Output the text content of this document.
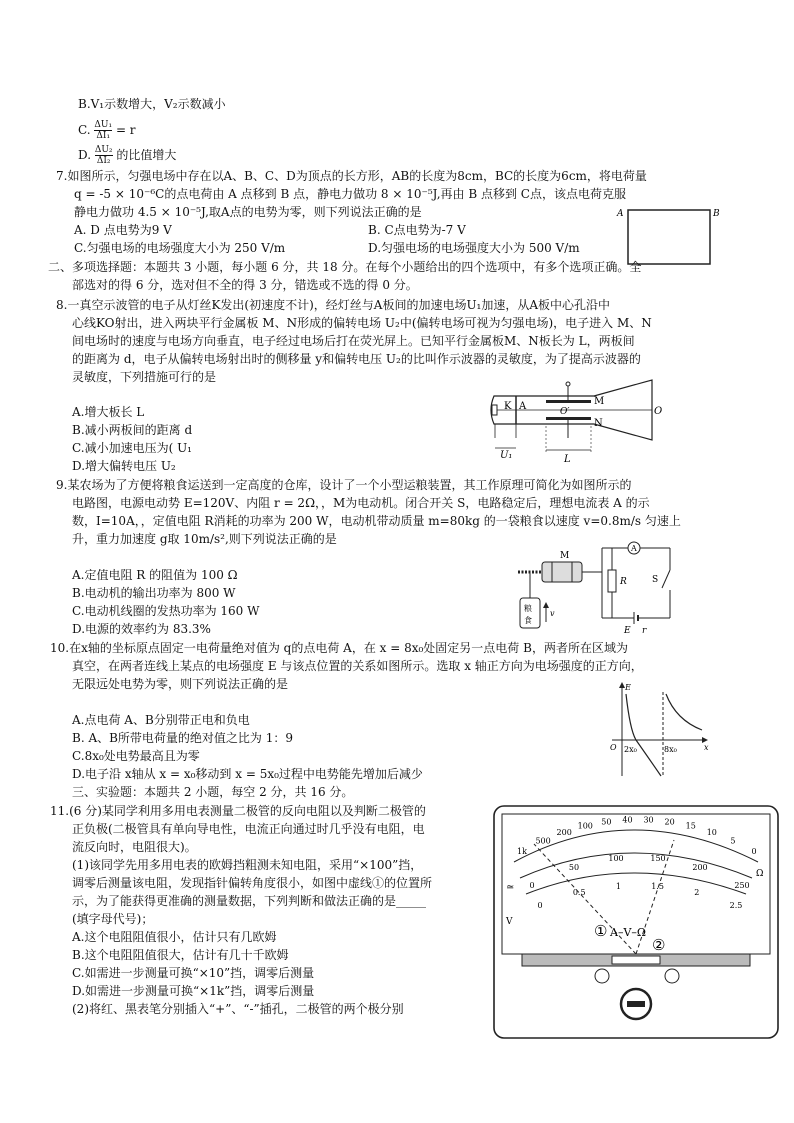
B.V₁示数增大，V₂示数减小
C. $\frac{\text{ΔU₁}}{\text{ΔI₁}} = r$
D. $\frac{\text{ΔU₂}}{\text{ΔI₂}}$ 的比值增大
7.如图所示，匀强电场中存在以A、B、C、D为顶点的长方形，AB的长度为8cm，BC的长度为6cm，将电荷量
q = -5 × 10⁻⁶C的点电荷由 A 点移到 B 点，静电力做功 8 × 10⁻⁵J,再由 B 点移到 C点，该点电荷克服
静电力做功 4.5 × 10⁻⁵J,取A点的电势为零，则下列说法正确的是
A. D 点电势为9 V	B. C点电势为-7 V
C.匀强电场的电场强度大小为 250 V/m	D.匀强电场的电场强度大小为 500 V/m
A	B
二、多项选择题：本题共 3 小题，每小题 6 分，共 18 分。在每个小题给出的四个选项中，有多个选项正确。全
部选对的得 6 分，选对但不全的得 3 分，错选或不选的得 0 分。
8.一真空示波管的电子从灯丝K发出(初速度不计)，经灯丝与A板间的加速电场U₁加速，从A板中心孔沿中
心线KO射出，进入两块平行金属板 M、N形成的偏转电场 U₂中(偏转电场可视为匀强电场)，电子进入 M、N
间电场时的速度与电场方向垂直，电子经过电场后打在荧光屏上。已知平行金属板M、N板长为 L，两板间
的距离为 d，电子从偏转电场射出时的侧移量 y和偏转电压 U₂的比叫作示波器的灵敏度，为了提高示波器的
灵敏度，下列措施可行的是
A.增大板长 L
B.减小两板间的距离 d
C.减小加速电压为( U₁
D.增大偏转电压 U₂
K A	O′
M
N
O
U₁	L
9.某农场为了方便将粮食运送到一定高度的仓库，设计了一个小型运粮装置，其工作原理可简化为如图所示的
电路图，电源电动势 E=120V、内阻 r = 2Ω，，M为电动机。闭合开关 S，电路稳定后，理想电流表 A 的示
数，I=10A，，定值电阻 R消耗的功率为 200 W，电动机带动质量 m=80kg 的一袋粮食以速度 v=0.8m/s 匀速上
升，重力加速度 g取 10m/s²,则下列说法正确的是
A.定值电阻 R 的阻值为 100 Ω
B.电动机的输出功率为 800 W
C.电动机线圈的发热功率为 160 W
D.电源的效率约为 83.3%
M
A
R	S
E r
粮
食
v
10.在x轴的坐标原点固定一电荷量绝对值为 q的点电荷 A，在 x = 8x₀处固定另一点电荷 B，两者所在区域为
真空，在两者连线上某点的电场强度 E 与该点位置的关系如图所示。选取 x 轴正方向为电场强度的正方向，
无限远处电势为零，则下列说法正确的是
A.点电荷 A、B分别带正电和负电
B. A、B所带电荷量的绝对值之比为 1：9
C.8x₀处电势最高且为零
D.电子沿 x轴从 x = x₀移动到 x = 5x₀过程中电势能先增加后减少
E
O 2x₀	8x₀	x
三、实验题：本题共 2 小题，每空 2 分，共 16 分。
11.(6 分)某同学利用多用电表测量二极管的反向电阻以及判断二极管的
正负极(二极管具有单向导电性，电流正向通过时几乎没有电阻，电
流反向时，电阻很大)。
(1)该同学先用多用电表的欧姆挡粗测未知电阻，采用“×100”挡，
调零后测量该电阻，发现指针偏转角度很小，如图中虚线①的位置所
示，为了能获得更准确的测量数据，下列判断和做法正确的是_____
(填字母代号)；
A.这个电阻阻值很小，估计只有几欧姆
B.这个电阻阻值很大，估计有几十千欧姆
C.如需进一步测量可换“×10”挡，调零后测量
D.如需进一步测量可换“×1k”挡，调零后测量
(2)将红、黑表笔分别插入“+”、“-”插孔，二极管的两个极分别
1k
500
200
100 50 40 30 20 15
10
5
0
0
50
100	150
200
250
0
0.5
1	1.5
2
2.5
① A–V–Ω
②
Ω
≃
V
